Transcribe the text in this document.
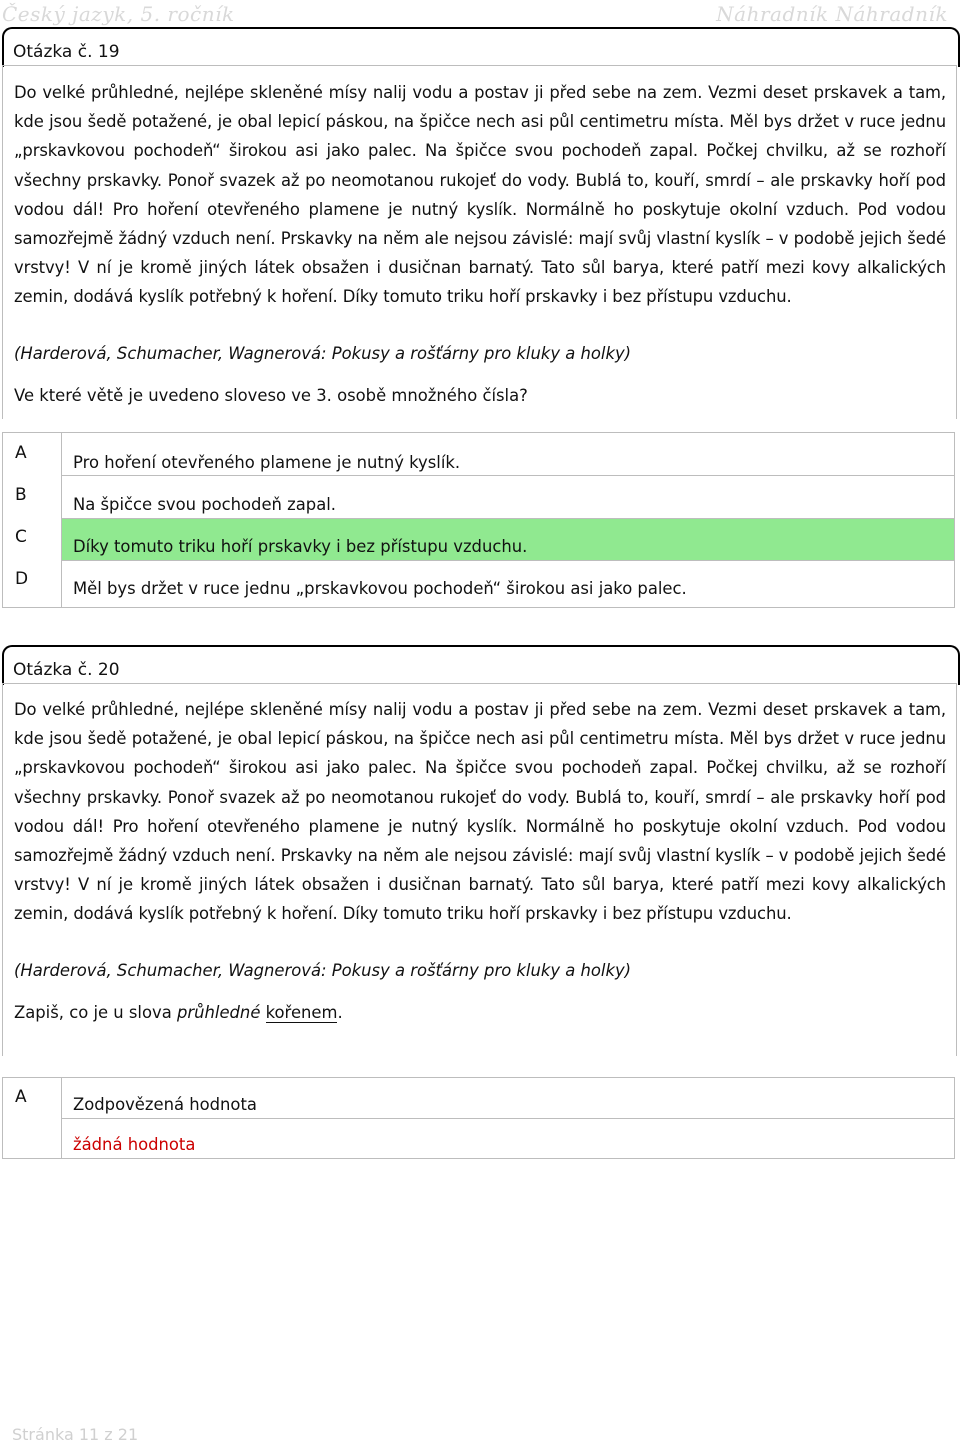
Český jazyk, 5. ročník	Náhradník Náhradník
Otázka č. 19

Do velké průhledné, nejlépe skleněné mísy nalij vodu a postav ji před sebe na zem. Vezmi deset prskavek a tam, kde jsou šedě potažené, je obal lepicí páskou, na špičce nech asi půl centimetru místa. Měl bys držet v ruce jednu „prskavkovou pochodeň“ širokou asi jako palec. Na špičce svou pochodeň zapal. Počkej chvilku, až se rozhoří všechny prskavky. Ponoř svazek až po neomotanou rukojeť do vody. Bublá to, kouří, smrdí – ale prskavky hoří pod vodou dál! Pro hoření otevřeného plamene je nutný kyslík. Normálně ho poskytuje okolní vzduch. Pod vodou samozřejmě žádný vzduch není. Prskavky na něm ale nejsou závislé: mají svůj vlastní kyslík – v podobě jejich šedé vrstvy! V ní je kromě jiných látek obsažen i dusičnan barnatý. Tato sůl barya, které patří mezi kovy alkalických zemin, dodává kyslík potřebný k hoření. Díky tomuto triku hoří prskavky i bez přístupu vzduchu.

(Harderová, Schumacher, Wagnerová: Pokusy a rošťárny pro kluky a holky)
Ve které větě je uvedeno sloveso ve 3. osobě množného čísla?
A	Pro hoření otevřeného plamene je nutný kyslík.
B	Na špičce svou pochodeň zapal.
C	Díky tomuto triku hoří prskavky i bez přístupu vzduchu.
D	Měl bys držet v ruce jednu „prskavkovou pochodeň“ širokou asi jako palec.
Otázka č. 20

Do velké průhledné, nejlépe skleněné mísy nalij vodu a postav ji před sebe na zem. Vezmi deset prskavek a tam, kde jsou šedě potažené, je obal lepicí páskou, na špičce nech asi půl centimetru místa. Měl bys držet v ruce jednu „prskavkovou pochodeň“ širokou asi jako palec. Na špičce svou pochodeň zapal. Počkej chvilku, až se rozhoří všechny prskavky. Ponoř svazek až po neomotanou rukojeť do vody. Bublá to, kouří, smrdí – ale prskavky hoří pod vodou dál! Pro hoření otevřeného plamene je nutný kyslík. Normálně ho poskytuje okolní vzduch. Pod vodou samozřejmě žádný vzduch není. Prskavky na něm ale nejsou závislé: mají svůj vlastní kyslík – v podobě jejich šedé vrstvy! V ní je kromě jiných látek obsažen i dusičnan barnatý. Tato sůl barya, které patří mezi kovy alkalických zemin, dodává kyslík potřebný k hoření. Díky tomuto triku hoří prskavky i bez přístupu vzduchu.

(Harderová, Schumacher, Wagnerová: Pokusy a rošťárny pro kluky a holky)
Zapiš, co je u slova průhledné kořenem.
A	Zodpovězená hodnota
žádná hodnota
Stránka 11 z 21
